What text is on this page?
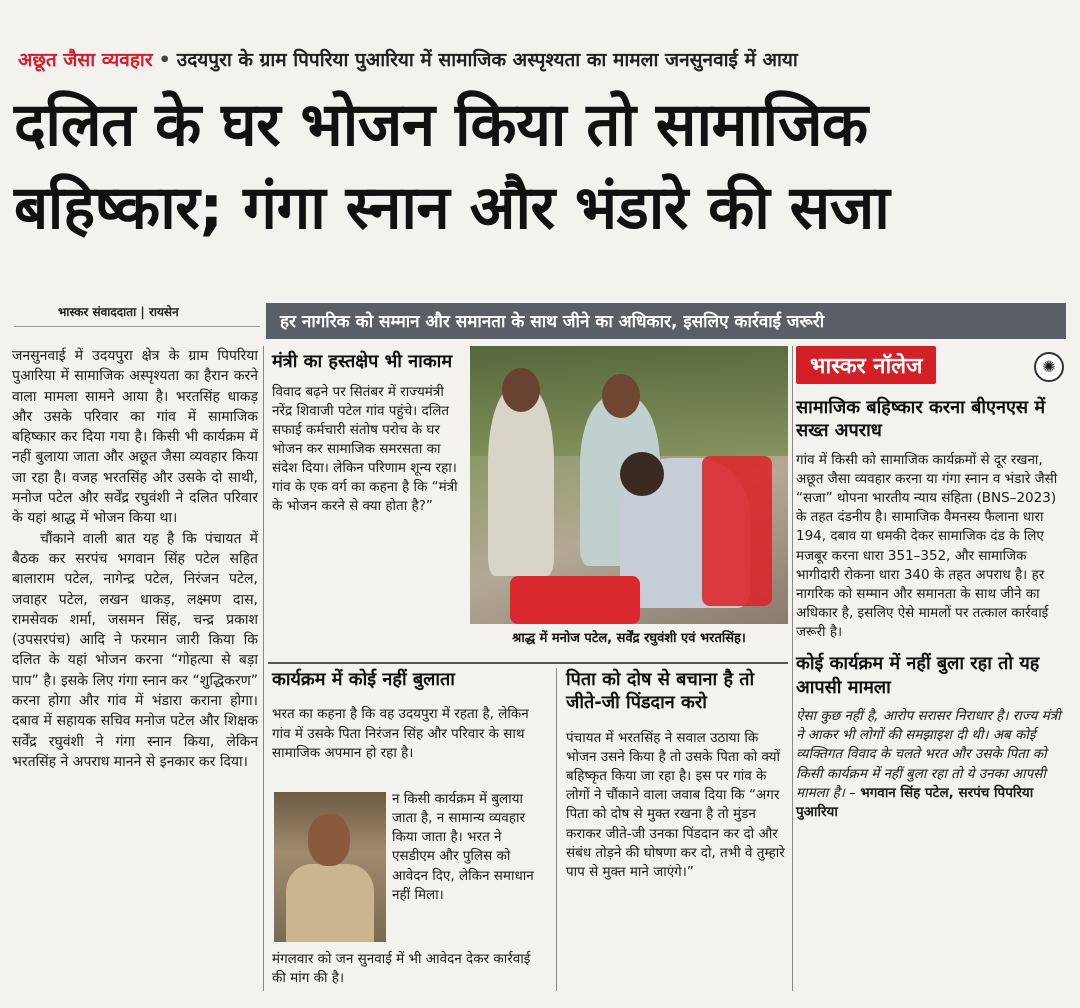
अछूत जैसा व्यवहार • उदयपुरा के ग्राम पिपरिया पुआरिया में सामाजिक अस्पृश्यता का मामला जनसुनवाई में आया
दलित के घर भोजन किया तो सामाजिक
बहिष्कार; गंगा स्नान और भंडारे की सजा
भास्कर संवाददाता | रायसेन	हर नागरिक को सम्मान और समानता के साथ जीने का अधिकार, इसलिए कार्रवाई जरूरी

जनसुनवाई में उदयपुरा क्षेत्र के ग्राम पिपरिया पुआरिया में सामाजिक अस्पृश्यता का हैरान करने वाला मामला सामने आया है। भरतसिंह धाकड़ और उसके परिवार का गांव में सामाजिक बहिष्कार कर दिया गया है। किसी भी कार्यक्रम में नहीं बुलाया जाता और अछूत जैसा व्यवहार किया जा रहा है। वजह भरतसिंह और उसके दो साथी, मनोज पटेल और सर्वेंद्र रघुवंशी ने दलित परिवार के यहां श्राद्ध में भोजन किया था।

चौंकाने वाली बात यह है कि पंचायत में बैठक कर सरपंच भगवान सिंह पटेल सहित बालाराम पटेल, नागेन्द्र पटेल, निरंजन पटेल, जवाहर पटेल, लखन धाकड़, लक्ष्मण दास, रामसेवक शर्मा, जसमन सिंह, चन्द्र प्रकाश (उपसरपंच) आदि ने फरमान जारी किया कि दलित के यहां भोजन करना “गोहत्या से बड़ा पाप” है। इसके लिए गंगा स्नान कर “शुद्धिकरण” करना होगा और गांव में भंडारा कराना होगा। दबाव में सहायक सचिव मनोज पटेल और शिक्षक सर्वेंद्र रघुवंशी ने गंगा स्नान किया, लेकिन भरतसिंह ने अपराध मानने से इनकार कर दिया।

मंत्री का हस्तक्षेप भी नाकाम
विवाद बढ़ने पर सितंबर में राज्यमंत्री नरेंद्र शिवाजी पटेल गांव पहुंचे। दलित सफाई कर्मचारी संतोष परोच के घर भोजन कर सामाजिक समरसता का संदेश दिया। लेकिन परिणाम शून्य रहा। गांव के एक वर्ग का कहना है कि “मंत्री के भोजन करने से क्या होता है?”
श्राद्ध में मनोज पटेल, सर्वेंद्र रघुवंशी एवं भरतसिंह।
भास्कर नॉलेज	✺
सामाजिक बहिष्कार करना बीएनएस में सख्त अपराध
गांव में किसी को सामाजिक कार्यक्रमों से दूर रखना, अछूत जैसा व्यवहार करना या गंगा स्नान व भंडारे जैसी “सजा” थोपना भारतीय न्याय संहिता (BNS–2023) के तहत दंडनीय है। सामाजिक वैमनस्य फैलाना धारा 194, दबाव या धमकी देकर सामाजिक दंड के लिए मजबूर करना धारा 351–352, और सामाजिक भागीदारी रोकना धारा 340 के तहत अपराध है। हर नागरिक को सम्मान और समानता के साथ जीने का अधिकार है, इसलिए ऐसे मामलों पर तत्काल कार्रवाई जरूरी है।
कोई कार्यक्रम में नहीं बुला रहा तो यह आपसी मामला
ऐसा कुछ नहीं है, आरोप सरासर निराधार है। राज्य मंत्री ने आकर भी लोगों की समझाइश दी थी। अब कोई व्यक्तिगत विवाद के चलते भरत और उसके पिता को किसी कार्यक्रम में नहीं बुला रहा तो ये उनका आपसी मामला है। – भगवान सिंह पटेल, सरपंच पिपरिया पुआरिया
कार्यक्रम में कोई नहीं बुलाता
भरत का कहना है कि वह उदयपुरा में रहता है, लेकिन गांव में उसके पिता निरंजन सिंह और परिवार के साथ सामाजिक अपमान हो रहा है।
न किसी कार्यक्रम में बुलाया जाता है, न सामान्य व्यवहार किया जाता है। भरत ने एसडीएम और पुलिस को आवेदन दिए, लेकिन समाधान नहीं मिला।
मंगलवार को जन सुनवाई में भी आवेदन देकर कार्रवाई की मांग की है।
पिता को दोष से बचाना है तो जीते-जी पिंडदान करो
पंचायत में भरतसिंह ने सवाल उठाया कि भोजन उसने किया है तो उसके पिता को क्यों बहिष्कृत किया जा रहा है। इस पर गांव के लोगों ने चौंकाने वाला जवाब दिया कि “अगर पिता को दोष से मुक्त रखना है तो मुंडन कराकर जीते-जी उनका पिंडदान कर दो और संबंध तोड़ने की घोषणा कर दो, तभी वे तुम्हारे पाप से मुक्त माने जाएंगे।”
